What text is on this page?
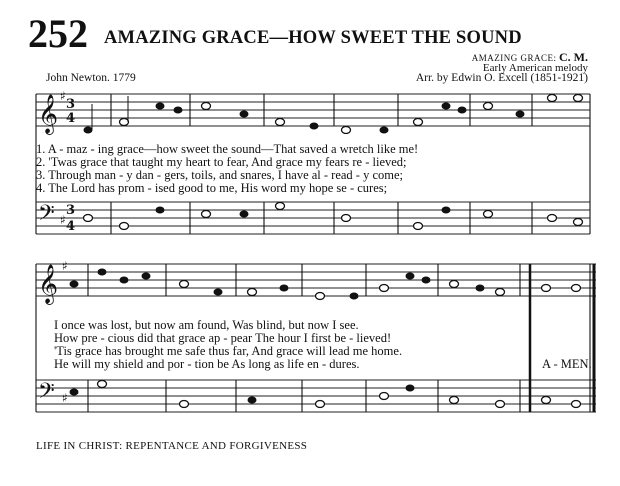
252 AMAZING GRACE—HOW SWEET THE SOUND
AMAZING GRACE: C. M.
Early American melody
John Newton. 1779	Arr. by Edwin O. Excell (1851-1921)
𝄞
𝄢
♯
♯
3
4
3
4
𝄞
𝄢
♯
♯
1. A - maz - ing grace—how sweet the sound—That saved a wretch like me!
2. 'Twas grace that taught my heart to fear, And grace my fears re - lieved;
3. Through man - y dan - gers, toils, and snares, I have al - read - y come;
4. The Lord has prom - ised good to me, His word my hope se - cures;
I once was lost, but now am found, Was blind, but now I see.
How pre - cious did that grace ap - pear The hour I first be - lieved!
'Tis grace has brought me safe thus far, And grace will lead me home.
He will my shield and por - tion be As long as life en - dures.	A - MEN.
LIFE IN CHRIST: REPENTANCE AND FORGIVENESS
